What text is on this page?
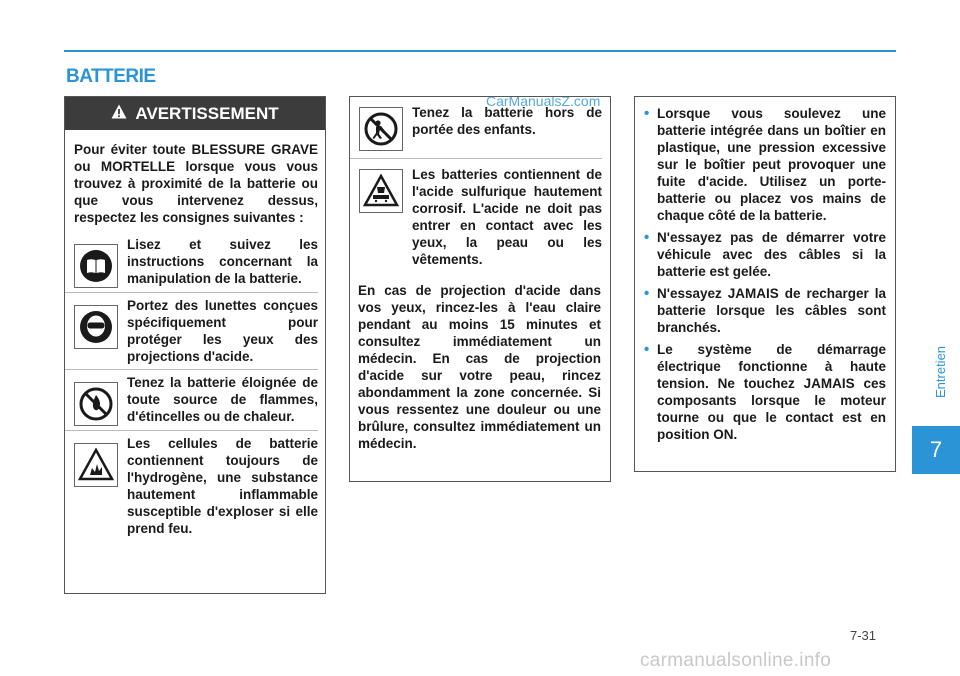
BATTERIE
CarManualsZ.com
AVERTISSEMENT
Pour éviter toute BLESSURE GRAVE ou MORTELLE lorsque vous vous trouvez à proximité de la batterie ou que vous intervenez dessus, respectez les consignes suivantes :
Lisez et suivez les instructions concernant la manipulation de la batterie.
Portez des lunettes conçues spécifiquement pour protéger les yeux des projections d'acide.
Tenez la batterie éloignée de toute source de flammes, d'étincelles ou de chaleur.
Les cellules de batterie contiennent toujours de l'hydrogène, une substance hautement inflammable susceptible d'exploser si elle prend feu.
Tenez la batterie hors de portée des enfants.
Les batteries contiennent de l'acide sulfurique hautement corrosif. L'acide ne doit pas entrer en contact avec les yeux, la peau ou les vêtements.
En cas de projection d'acide dans vos yeux, rincez-les à l'eau claire pendant au moins 15 minutes et consultez immédiatement un médecin. En cas de projection d'acide sur votre peau, rincez abondamment la zone concernée. Si vous ressentez une douleur ou une brûlure, consultez immédiatement un médecin.
• Lorsque vous soulevez une batterie intégrée dans un boîtier en plastique, une pression excessive sur le boîtier peut provoquer une fuite d'acide. Utilisez un porte-batterie ou placez vos mains de chaque côté de la batterie.
• N'essayez pas de démarrer votre véhicule avec des câbles si la batterie est gelée.
• N'essayez JAMAIS de recharger la batterie lorsque les câbles sont branchés.
• Le système de démarrage électrique fonctionne à haute tension. Ne touchez JAMAIS ces composants lorsque le moteur tourne ou que le contact est en position ON.
Entretien
7
7-31
carmanualsonline.info
